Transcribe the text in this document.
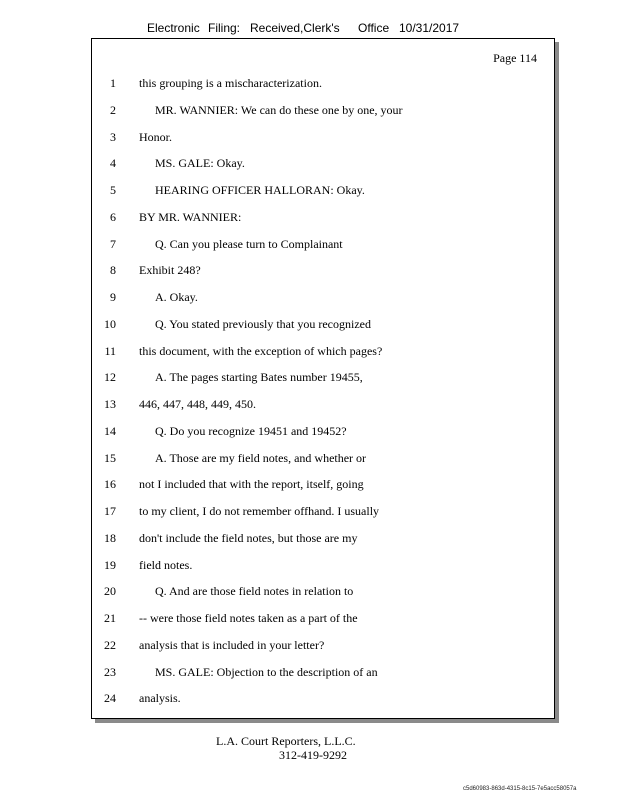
Electronic Filing: Received,Clerk's Office 10/31/2017
Page 114
1 this grouping is a mischaracterization.
2	MR. WANNIER: We can do these one by one, your
3 Honor.
4	MS. GALE: Okay.
5	HEARING OFFICER HALLORAN: Okay.
6 BY MR. WANNIER:
7	Q. Can you please turn to Complainant
8 Exhibit 248?
9	A. Okay.
10	Q. You stated previously that you recognized
11 this document, with the exception of which pages?
12	A. The pages starting Bates number 19455,
13 446, 447, 448, 449, 450.
14	Q. Do you recognize 19451 and 19452?
15	A. Those are my field notes, and whether or
16 not I included that with the report, itself, going
17 to my client, I do not remember offhand. I usually
18 don't include the field notes, but those are my
19 field notes.
20	Q. And are those field notes in relation to
21 -- were those field notes taken as a part of the
22 analysis that is included in your letter?
23	MS. GALE: Objection to the description of an
24 analysis.
L.A. Court Reporters, L.L.C.
312-419-9292
c5d60983-863d-4315-8c15-7e5acc58057a
